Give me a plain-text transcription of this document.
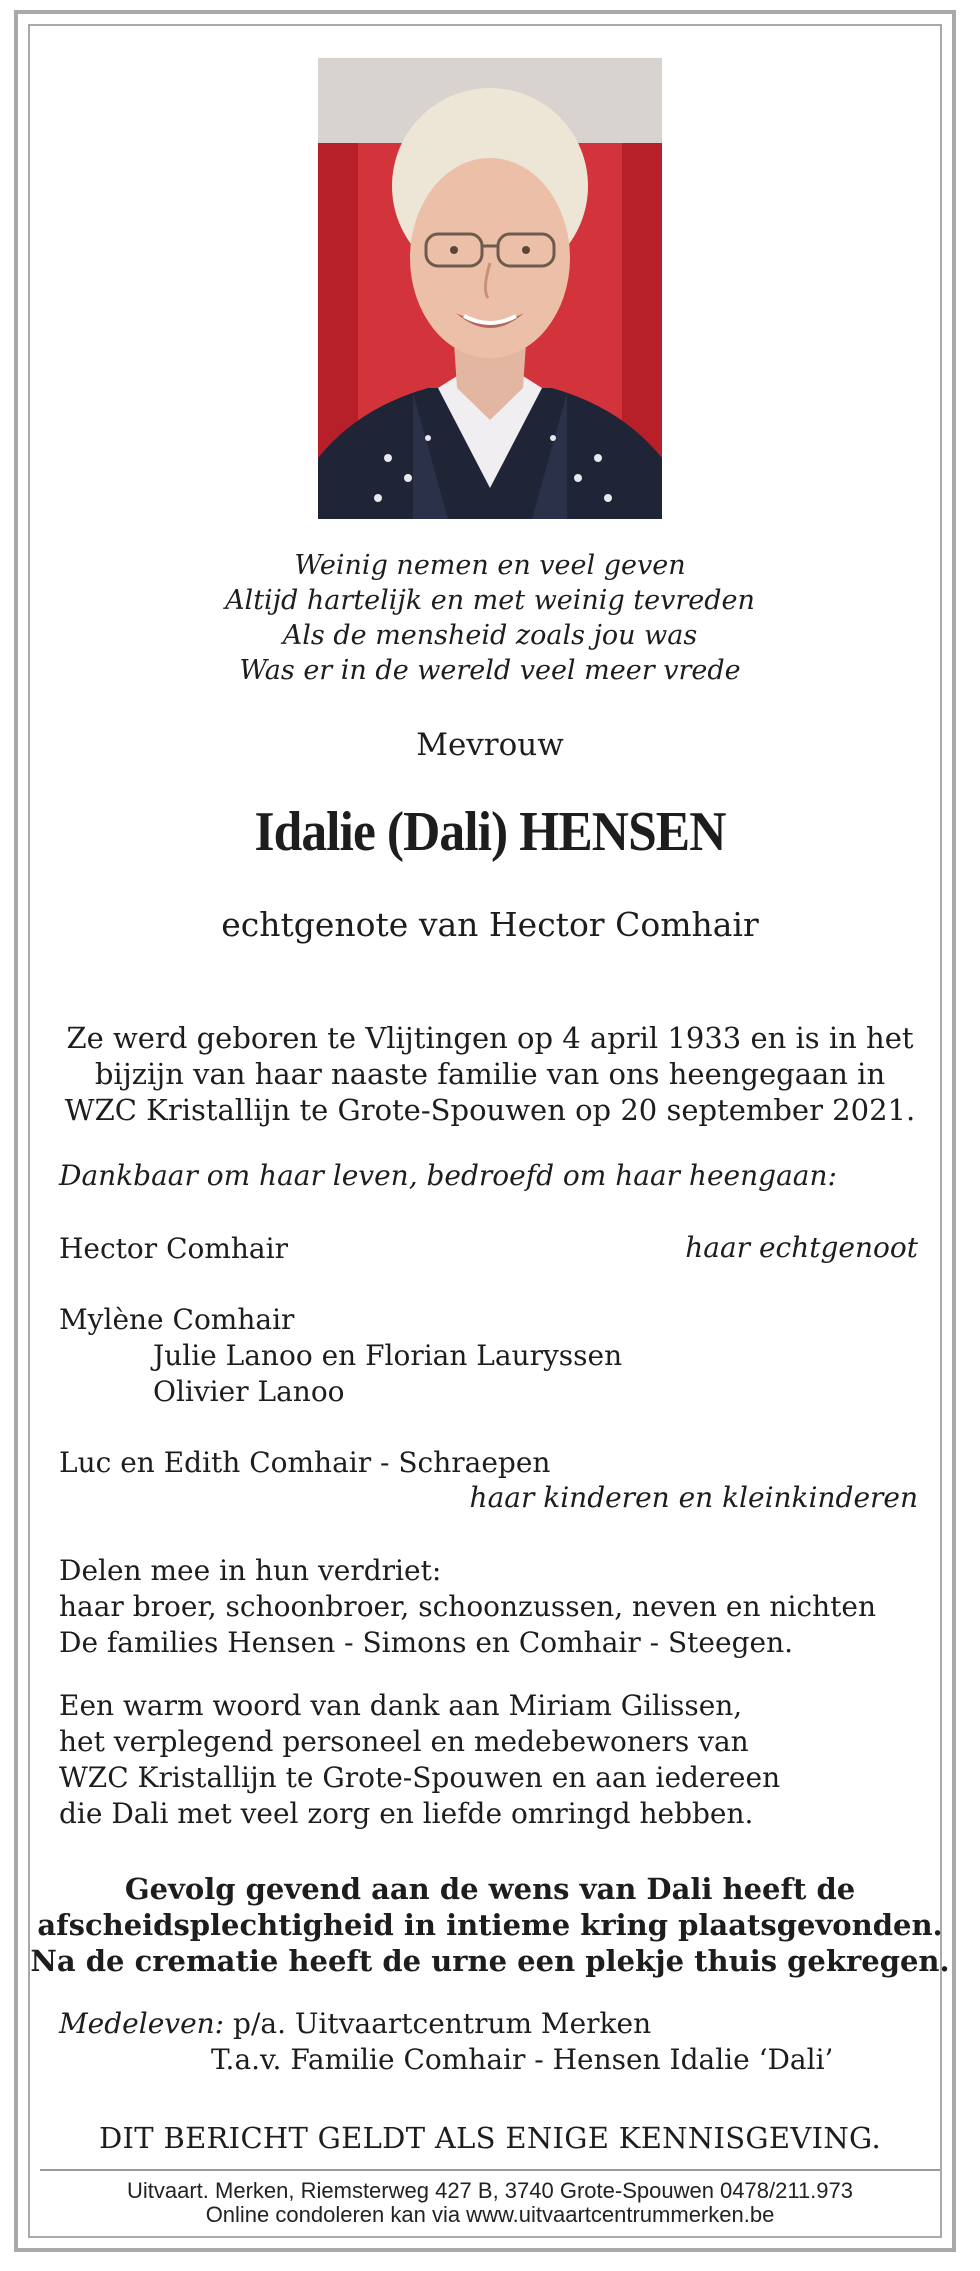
Weinig nemen en veel geven
Altijd hartelijk en met weinig tevreden
Als de mensheid zoals jou was
Was er in de wereld veel meer vrede
Mevrouw
Idalie (Dali) HENSEN
echtgenote van Hector Comhair
Ze werd geboren te Vlijtingen op 4 april 1933 en is in het
bijzijn van haar naaste familie van ons heengegaan in
WZC Kristallijn te Grote-Spouwen op 20 september 2021.
Dankbaar om haar leven, bedroefd om haar heengaan:
Hector Comhair	haar echtgenoot
Mylène Comhair
Julie Lanoo en Florian Lauryssen
Olivier Lanoo
Luc en Edith Comhair - Schraepen
haar kinderen en kleinkinderen
Delen mee in hun verdriet:
haar broer, schoonbroer, schoonzussen, neven en nichten
De families Hensen - Simons en Comhair - Steegen.
Een warm woord van dank aan Miriam Gilissen,
het verplegend personeel en medebewoners van
WZC Kristallijn te Grote-Spouwen en aan iedereen
die Dali met veel zorg en liefde omringd hebben.
Gevolg gevend aan de wens van Dali heeft de
afscheidsplechtigheid in intieme kring plaatsgevonden.
Na de crematie heeft de urne een plekje thuis gekregen.
Medeleven: p/a. Uitvaartcentrum Merken
T.a.v. Familie Comhair - Hensen Idalie ‘Dali’
DIT BERICHT GELDT ALS ENIGE KENNISGEVING.
Uitvaart. Merken, Riemsterweg 427 B, 3740 Grote-Spouwen 0478/211.973
Online condoleren kan via www.uitvaartcentrummerken.be
